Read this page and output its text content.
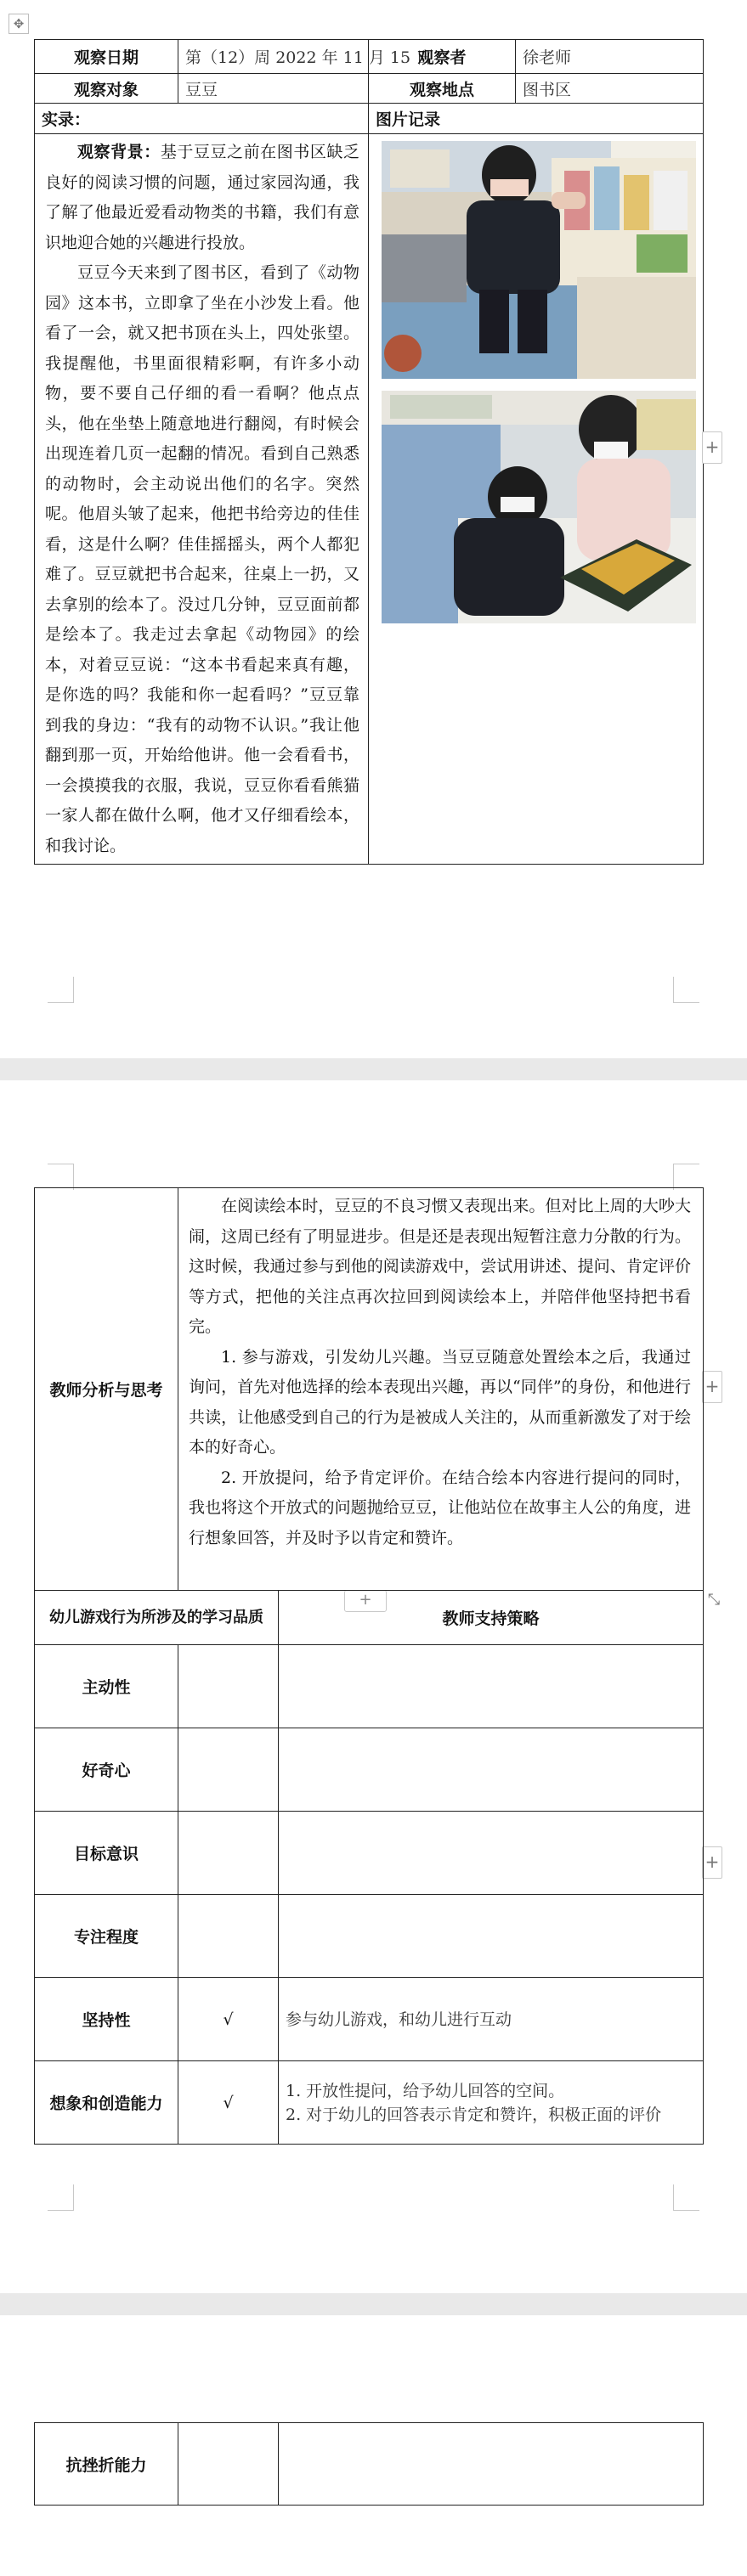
✥
观察日期	第（12）周 2022 年 11 月 15 日	观察者	徐老师
观察对象	豆豆	观察地点	图书区
实录：		图片记录	

观察背景：基于豆豆之前在图书区缺乏良好的阅读习惯的问题，通过家园沟通，我了解了他最近爱看动物类的书籍，我们有意识地迎合她的兴趣进行投放。

豆豆今天来到了图书区，看到了《动物园》这本书，立即拿了坐在小沙发上看。他看了一会，就又把书顶在头上，四处张望。我提醒他，书里面很精彩啊，有许多小动物，要不要自己仔细的看一看啊？他点点头，他在坐垫上随意地进行翻阅，有时候会出现连着几页一起翻的情况。看到自己熟悉的动物时，会主动说出他们的名字。突然呢。他眉头皱了起来，他把书给旁边的佳佳看，这是什么啊？佳佳摇摇头，两个人都犯难了。豆豆就把书合起来，往桌上一扔，又去拿别的绘本了。没过几分钟，豆豆面前都是绘本了。我走过去拿起《动物园》的绘本，对着豆豆说：“这本书看起来真有趣，是你选的吗？我能和你一起看吗？”豆豆靠到我的身边：“我有的动物不认识。”我让他翻到那一页，开始给他讲。他一会看看书，一会摸摸我的衣服，我说，豆豆你看看熊猫一家人都在做什么啊，他才又仔细看绘本，和我讨论。			

+
+
+
教师分析与思考	

在阅读绘本时，豆豆的不良习惯又表现出来。但对比上周的大吵大闹，这周已经有了明显进步。但是还是表现出短暂注意力分散的行为。这时候，我通过参与到他的阅读游戏中，尝试用讲述、提问、肯定评价等方式，把他的关注点再次拉回到阅读绘本上，并陪伴他坚持把书看完。

1. 参与游戏，引发幼儿兴趣。当豆豆随意处置绘本之后，我通过询问，首先对他选择的绘本表现出兴趣，再以“同伴”的身份，和他进行共读，让他感受到自己的行为是被成人关注的，从而重新激发了对于绘本的好奇心。

2. 开放提问，给予肯定评价。在结合绘本内容进行提问的同时，我也将这个开放式的问题抛给豆豆，让他站位在故事主人公的角度，进行想象回答，并及时予以肯定和赞许。

+	⤡
幼儿游戏行为所涉及的学习品质		教师支持策略
主动性		
好奇心		
目标意识		
专注程度		
坚持性	√	参与幼儿游戏，和幼儿进行互动
想象和创造能力	√	1. 开放性提问，给予幼儿回答的空间。
2. 对于幼儿的回答表示肯定和赞许，积极正面的评价
抗挫折能力		
